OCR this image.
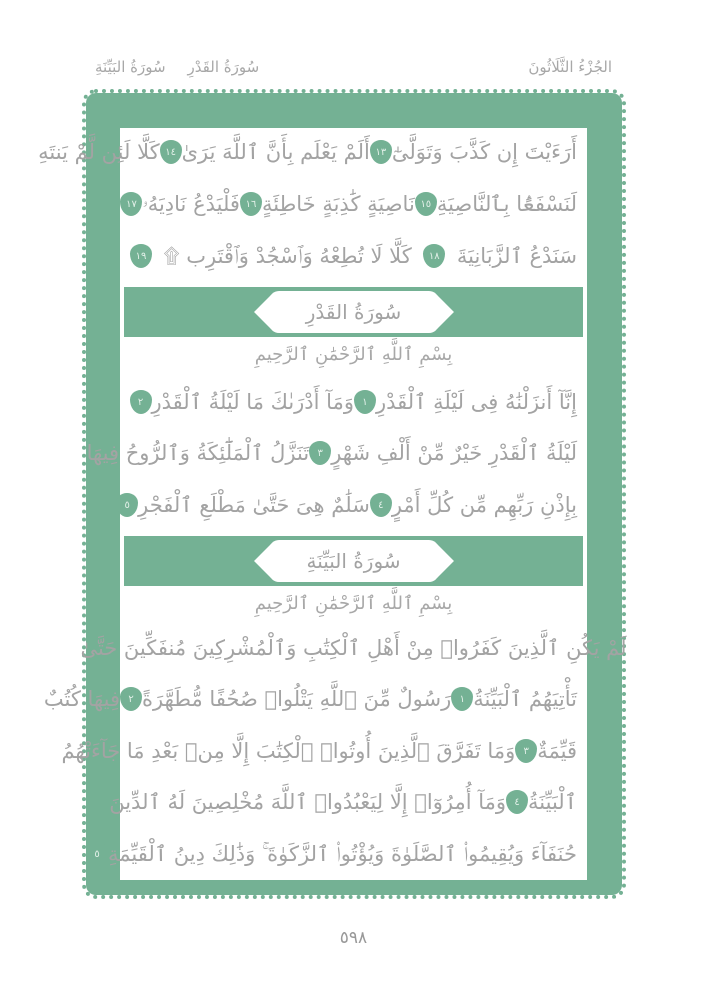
الجُزْءُ الثَّلَاثُونَ
سُورَةُ القَدْرِ
سُورَةُ البَيِّنَةِ
سُورَةُ القَدْرِ
بِسْمِ ٱللَّهِ ٱلرَّحْمَٰنِ ٱلرَّحِيمِ
سُورَةُ البَيِّنَةِ
بِسْمِ ٱللَّهِ ٱلرَّحْمَٰنِ ٱلرَّحِيمِ
أَرَءَيْتَ إِن كَذَّبَ وَتَوَلَّىٰٓ
١٣
أَلَمْ يَعْلَم بِأَنَّ ٱللَّهَ يَرَىٰ
١٤
كَلَّا لَئِن لَّمْ يَنتَهِ
لَنَسْفَعًۢا بِٱلنَّاصِيَةِ
١٥
نَاصِيَةٍ كَٰذِبَةٍ خَاطِئَةٍ
١٦
فَلْيَدْعُ نَادِيَهُۥ
١٧
سَنَدْعُ ٱلزَّبَانِيَةَ
١٨
كَلَّا لَا تُطِعْهُ وَٱسْجُدْ وَٱقْتَرِب ۩
١٩
إِنَّآ أَنزَلْنَٰهُ فِى لَيْلَةِ ٱلْقَدْرِ
١
وَمَآ أَدْرَىٰكَ مَا لَيْلَةُ ٱلْقَدْرِ
٢
لَيْلَةُ ٱلْقَدْرِ خَيْرٌ مِّنْ أَلْفِ شَهْرٍ
٣
تَنَزَّلُ ٱلْمَلَٰٓئِكَةُ وَٱلرُّوحُ فِيهَا
بِإِذْنِ رَبِّهِم مِّن كُلِّ أَمْرٍ
٤
سَلَٰمٌ هِىَ حَتَّىٰ مَطْلَعِ ٱلْفَجْرِ
٥
لَمْ يَكُنِ ٱلَّذِينَ كَفَرُوا۟ مِنْ أَهْلِ ٱلْكِتَٰبِ وَٱلْمُشْرِكِينَ مُنفَكِّينَ حَتَّىٰ
تَأْتِيَهُمُ ٱلْبَيِّنَةُ
١
رَسُولٌ مِّنَ ٱللَّهِ يَتْلُوا۟ صُحُفًا مُّطَهَّرَةً
٢
فِيهَا كُتُبٌ
قَيِّمَةٌ
٣
وَمَا تَفَرَّقَ ٱلَّذِينَ أُوتُوا۟ ٱلْكِتَٰبَ إِلَّا مِنۢ بَعْدِ مَا جَآءَتْهُمُ
ٱلْبَيِّنَةُ
٤
وَمَآ أُمِرُوٓا۟ إِلَّا لِيَعْبُدُوا۟ ٱللَّهَ مُخْلِصِينَ لَهُ ٱلدِّينَ
حُنَفَآءَ وَيُقِيمُوا۟ ٱلصَّلَوٰةَ وَيُؤْتُوا۟ ٱلزَّكَوٰةَ ۚ وَذَٰلِكَ دِينُ ٱلْقَيِّمَةِ
٥
٥٩٨
